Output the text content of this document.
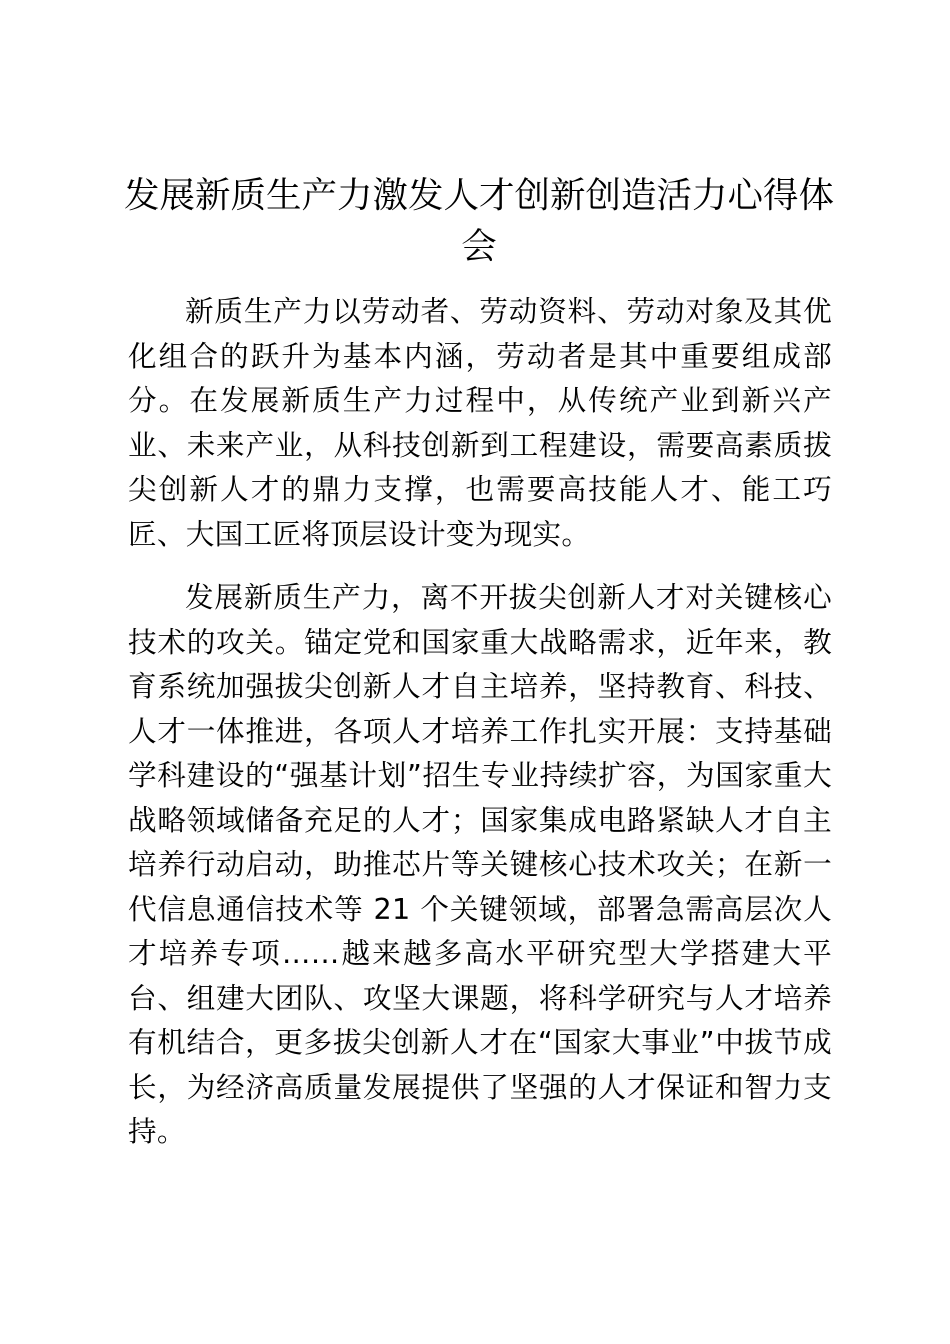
发展新质生产力激发人才创新创造活力心得体会

新质生产力以劳动者、劳动资料、劳动对象及其优化组合的跃升为基本内涵，劳动者是其中重要组成部分。在发展新质生产力过程中，从传统产业到新兴产业、未来产业，从科技创新到工程建设，需要高素质拔尖创新人才的鼎力支撑，也需要高技能人才、能工巧匠、大国工匠将顶层设计变为现实。

发展新质生产力，离不开拔尖创新人才对关键核心技术的攻关。锚定党和国家重大战略需求，近年来，教育系统加强拔尖创新人才自主培养，坚持教育、科技、人才一体推进，各项人才培养工作扎实开展：支持基础学科建设的“强基计划”招生专业持续扩容，为国家重大战略领域储备充足的人才；国家集成电路紧缺人才自主培养行动启动，助推芯片等关键核心技术攻关；在新一代信息通信技术等 21 个关键领域，部署急需高层次人才培养专项……越来越多高水平研究型大学搭建大平台、组建大团队、攻坚大课题，将科学研究与人才培养有机结合，更多拔尖创新人才在“国家大事业”中拔节成长，为经济高质量发展提供了坚强的人才保证和智力支持。
